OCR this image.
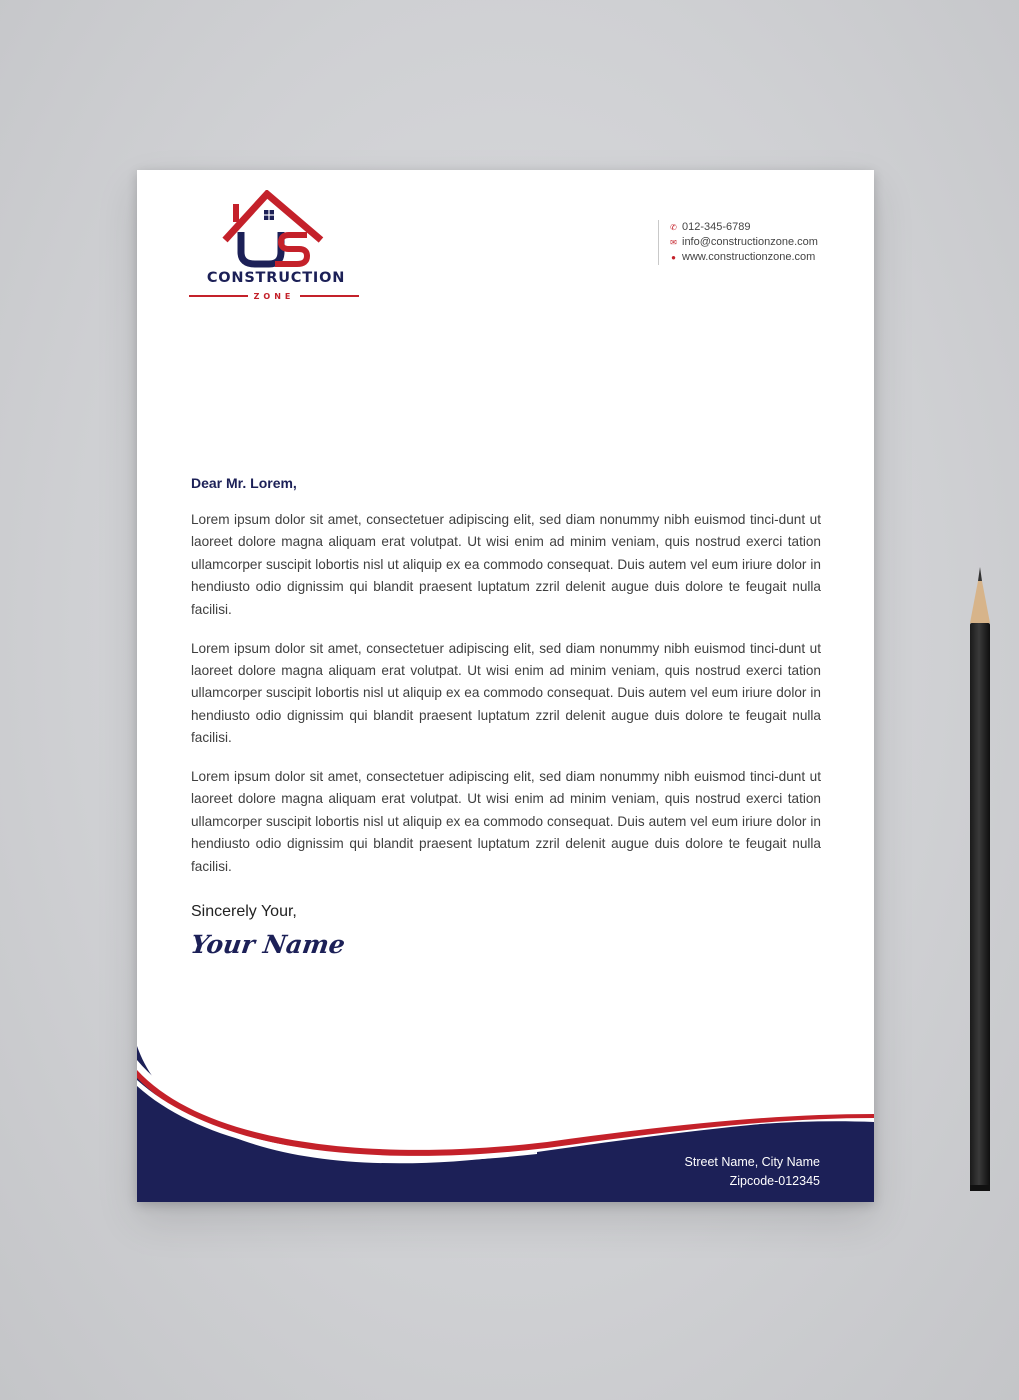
CONSTRUCTION
ZONE
✆ 012-345-6789
✉ info@constructionzone.com
● www.constructionzone.com
Dear Mr. Lorem,

Lorem ipsum dolor sit amet, consectetuer adipiscing elit, sed diam nonummy nibh euismod tinci-dunt ut laoreet dolore magna aliquam erat volutpat. Ut wisi enim ad minim veniam, quis nostrud exerci tation ullamcorper suscipit lobortis nisl ut aliquip ex ea commodo consequat. Duis autem vel eum iriure dolor in hendiusto odio dignissim qui blandit praesent luptatum zzril delenit augue duis dolore te feugait nulla facilisi.

Lorem ipsum dolor sit amet, consectetuer adipiscing elit, sed diam nonummy nibh euismod tinci-dunt ut laoreet dolore magna aliquam erat volutpat. Ut wisi enim ad minim veniam, quis nostrud exerci tation ullamcorper suscipit lobortis nisl ut aliquip ex ea commodo consequat. Duis autem vel eum iriure dolor in hendiusto odio dignissim qui blandit praesent luptatum zzril delenit augue duis dolore te feugait nulla facilisi.

Lorem ipsum dolor sit amet, consectetuer adipiscing elit, sed diam nonummy nibh euismod tinci-dunt ut laoreet dolore magna aliquam erat volutpat. Ut wisi enim ad minim veniam, quis nostrud exerci tation ullamcorper suscipit lobortis nisl ut aliquip ex ea commodo consequat. Duis autem vel eum iriure dolor in hendiusto odio dignissim qui blandit praesent luptatum zzril delenit augue duis dolore te feugait nulla facilisi.

Sincerely Your,
Your Name
Street Name, City Name
Zipcode-012345
